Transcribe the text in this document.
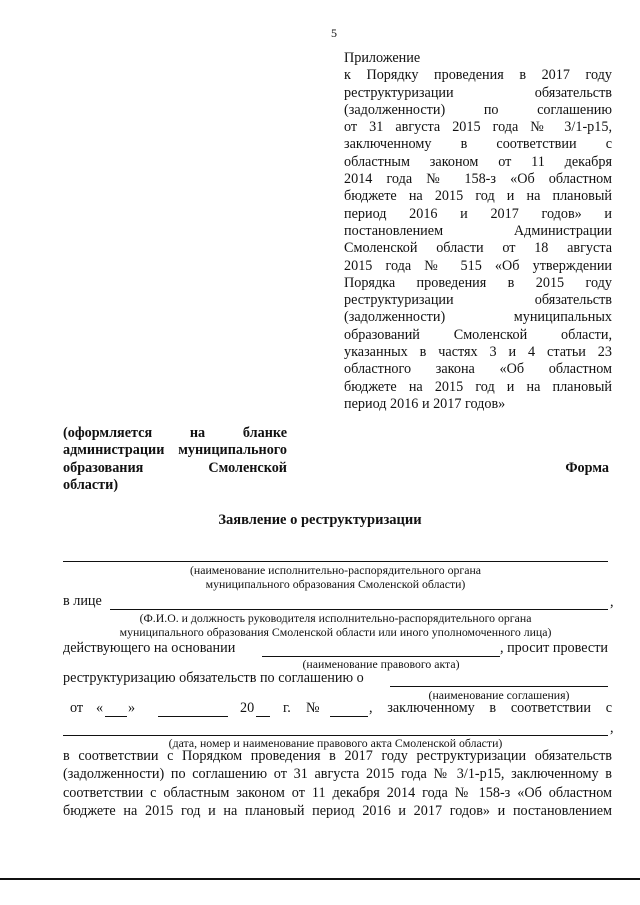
5
Приложение
к Порядку проведения в 2017 году
реструктуризации обязательств
(задолженности) по соглашению
от 31 августа 2015 года № 3/1-р15,
заключенному в соответствии с
областным законом от 11 декабря
2014 года № 158-з «Об областном
бюджете на 2015 год и на плановый
период 2016 и 2017 годов» и
постановлением Администрации
Смоленской области от 18 августа
2015 года № 515 «Об утверждении
Порядка проведения в 2015 году
реструктуризации обязательств
(задолженности) муниципальных
образований Смоленской области,
указанных в частях 3 и 4 статьи 23
областного закона «Об областном
бюджете на 2015 год и на плановый
период 2016 и 2017 годов»
(оформляется на бланке
администрации муниципального
образования Смоленской
области)
Форма
Заявление о реструктуризации
(наименование исполнительно-распорядительного органа
муниципального образования Смоленской области)
в лице	,
(Ф.И.О. и должность руководителя исполнительно-распорядительного органа
муниципального образования Смоленской области или иного уполномоченного лица)
действующего на основании	, просит провести
(наименование правового акта)
реструктуризацию обязательств по соглашению о
(наименование соглашения)
от « »	20 г. №	, заключенному в соответствии с
,
(дата, номер и наименование правового акта Смоленской области)
в соответствии с Порядком проведения в 2017 году реструктуризации обязательств
(задолженности) по соглашению от 31 августа 2015 года № 3/1-р15, заключенному в
соответствии с областным законом от 11 декабря 2014 года № 158-з «Об областном
бюджете на 2015 год и на плановый период 2016 и 2017 годов» и постановлением
